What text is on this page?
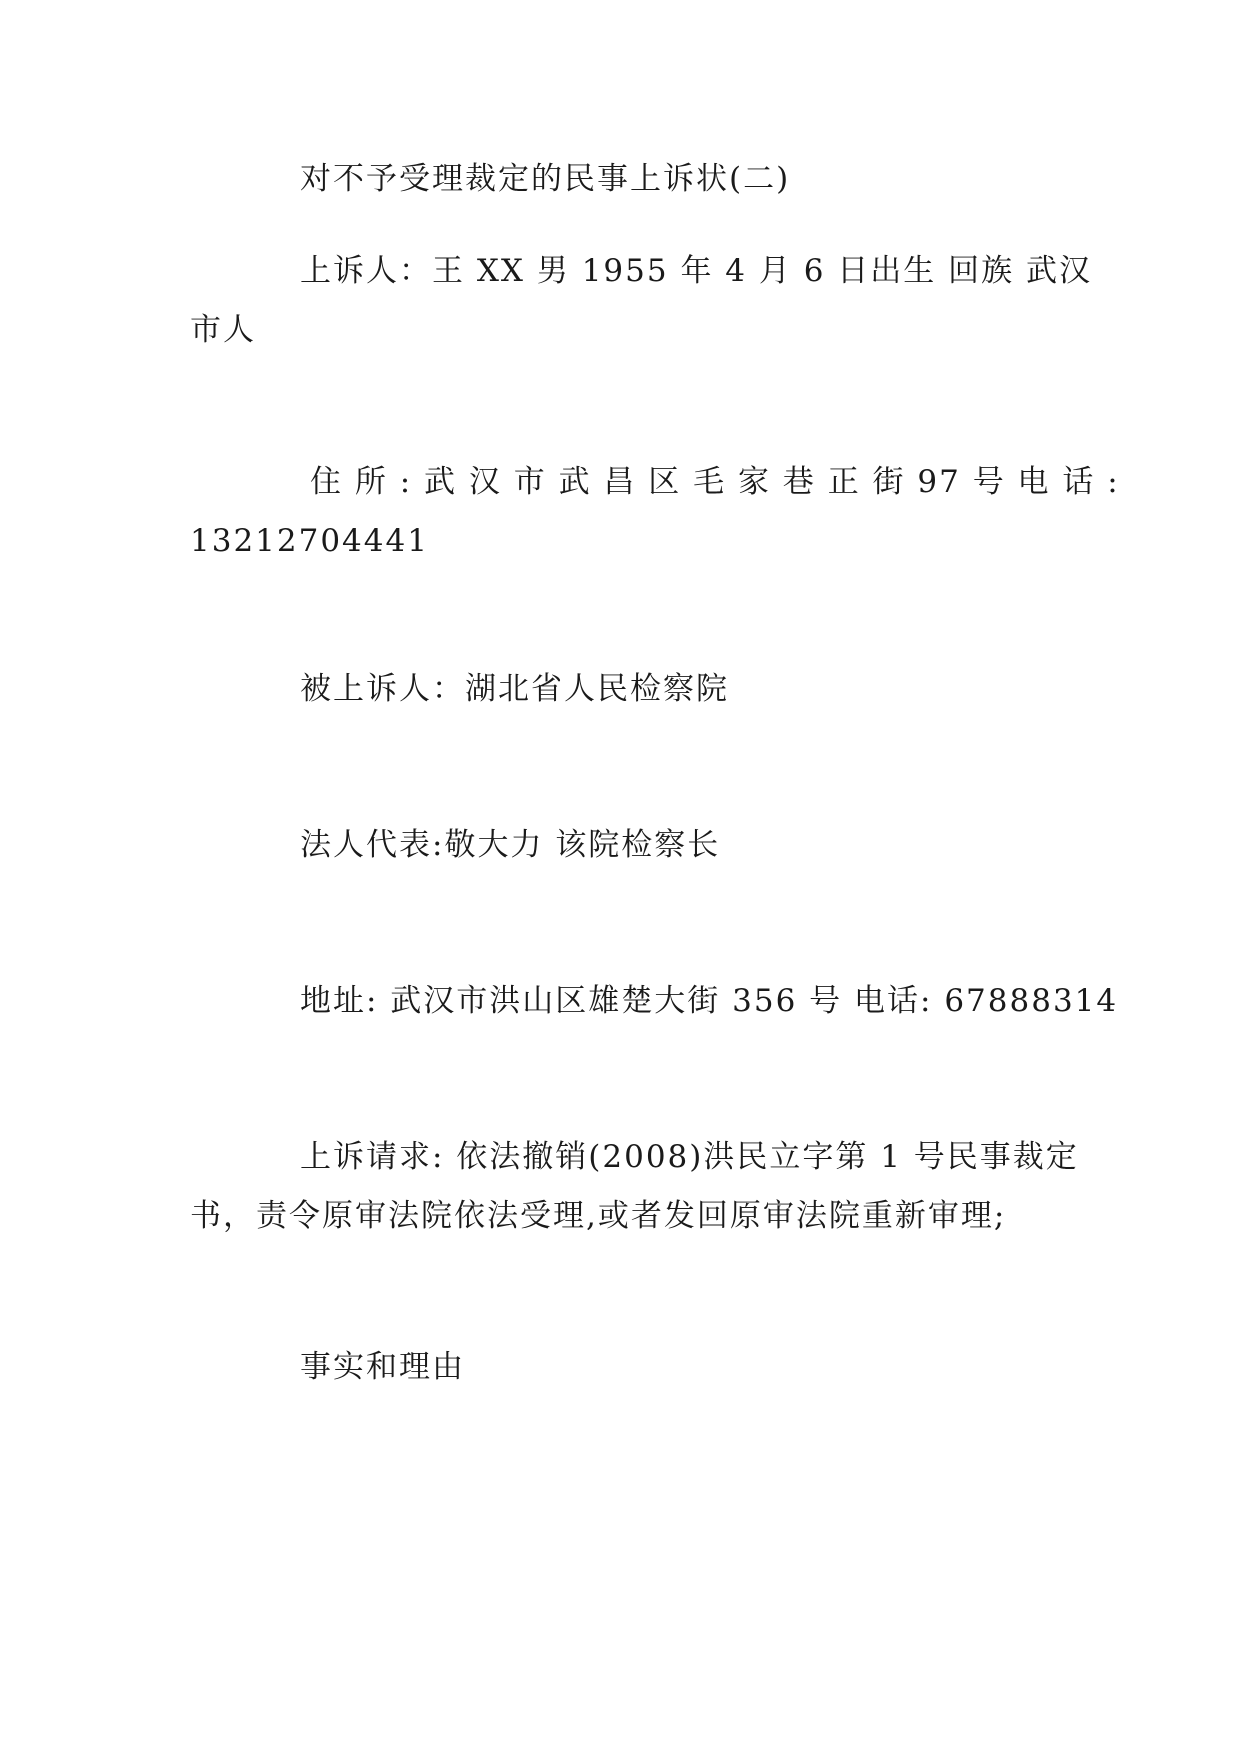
对不予受理裁定的民事上诉状(二)

上诉人：王 XX 男 1955 年 4 月 6 日出生 回族 武汉
市人

住 所 : 武 汉 市 武 昌 区 毛 家 巷 正 街 97 号 电 话 :
13212704441

被上诉人：湖北省人民检察院

法人代表:敬大力 该院检察长

地址: 武汉市洪山区雄楚大街 356 号 电话: 67888314

上诉请求: 依法撤销(2008)洪民立字第 1 号民事裁定
书，责令原审法院依法受理,或者发回原审法院重新审理;

事实和理由
